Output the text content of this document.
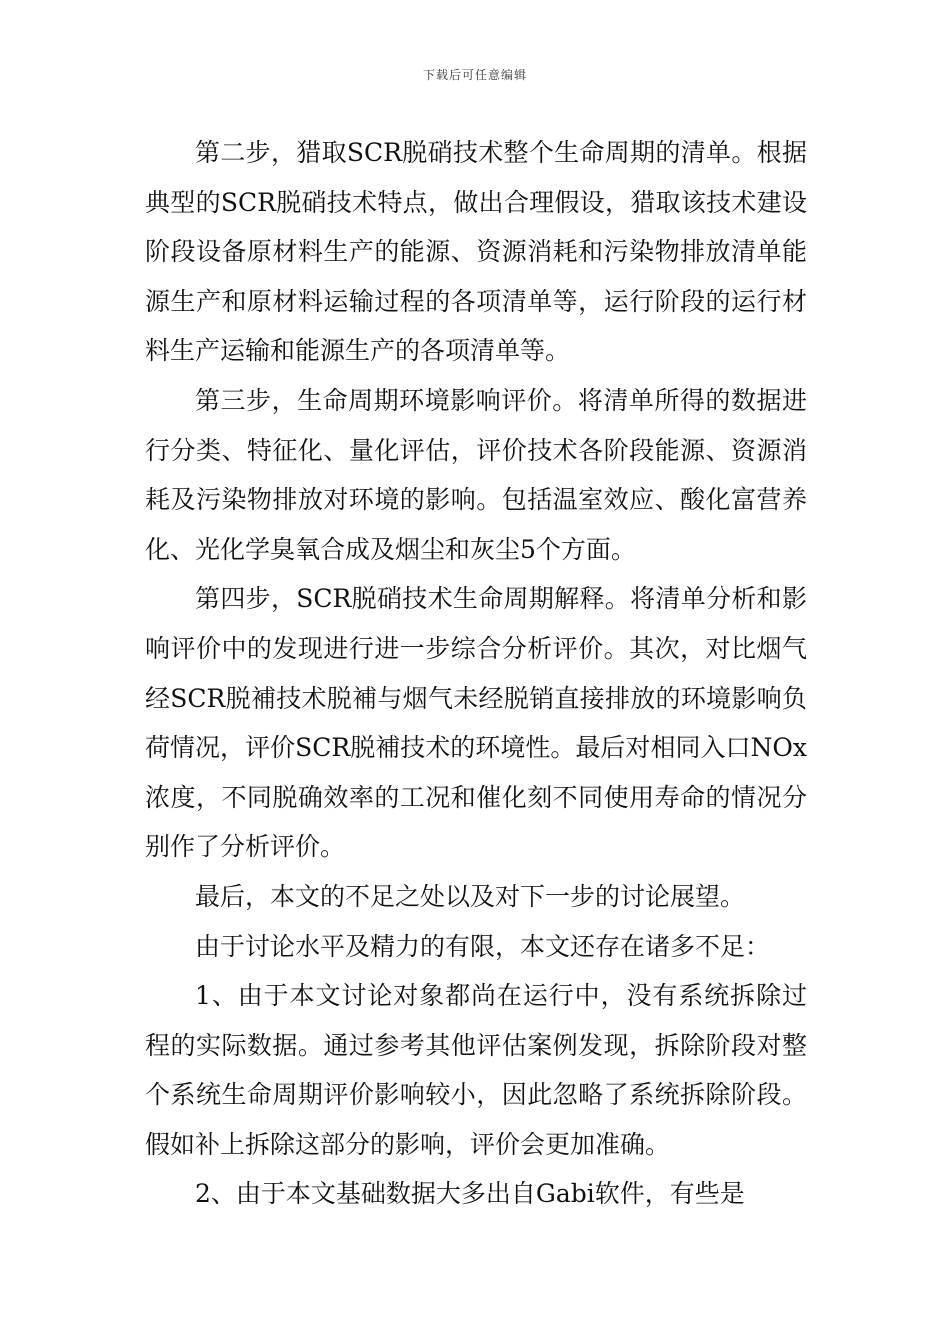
下载后可任意编辑

第二步，猎取SCR脱硝技术整个生命周期的清单。根据典型的SCR脱硝技术特点，做出合理假设，猎取该技术建设阶段设备原材料生产的能源、资源消耗和污染物排放清单能源生产和原材料运输过程的各项清单等，运行阶段的运行材料生产运输和能源生产的各项清单等。

第三步，生命周期环境影响评价。将清单所得的数据进行分类、特征化、量化评估，评价技术各阶段能源、资源消耗及污染物排放对环境的影响。包括温室效应、酸化富营养化、光化学臭氧合成及烟尘和灰尘5个方面。

第四步，SCR脱硝技术生命周期解释。将清单分析和影响评价中的发现进行进一步综合分析评价。其次，对比烟气经SCR脱補技术脱補与烟气未经脱销直接排放的环境影响负荷情况，评价SCR脱補技术的环境性。最后对相同入口NOx浓度，不同脱确效率的工况和催化刻不同使用寿命的情况分别作了分析评价。

最后，本文的不足之处以及对下一步的讨论展望。

由于讨论水平及精力的有限，本文还存在诸多不足：

1、由于本文讨论对象都尚在运行中，没有系统拆除过程的实际数据。通过参考其他评估案例发现，拆除阶段对整个系统生命周期评价影响较小，因此忽略了系统拆除阶段。假如补上拆除这部分的影响，评价会更加准确。

2、由于本文基础数据大多出自Gabi软件，有些是
